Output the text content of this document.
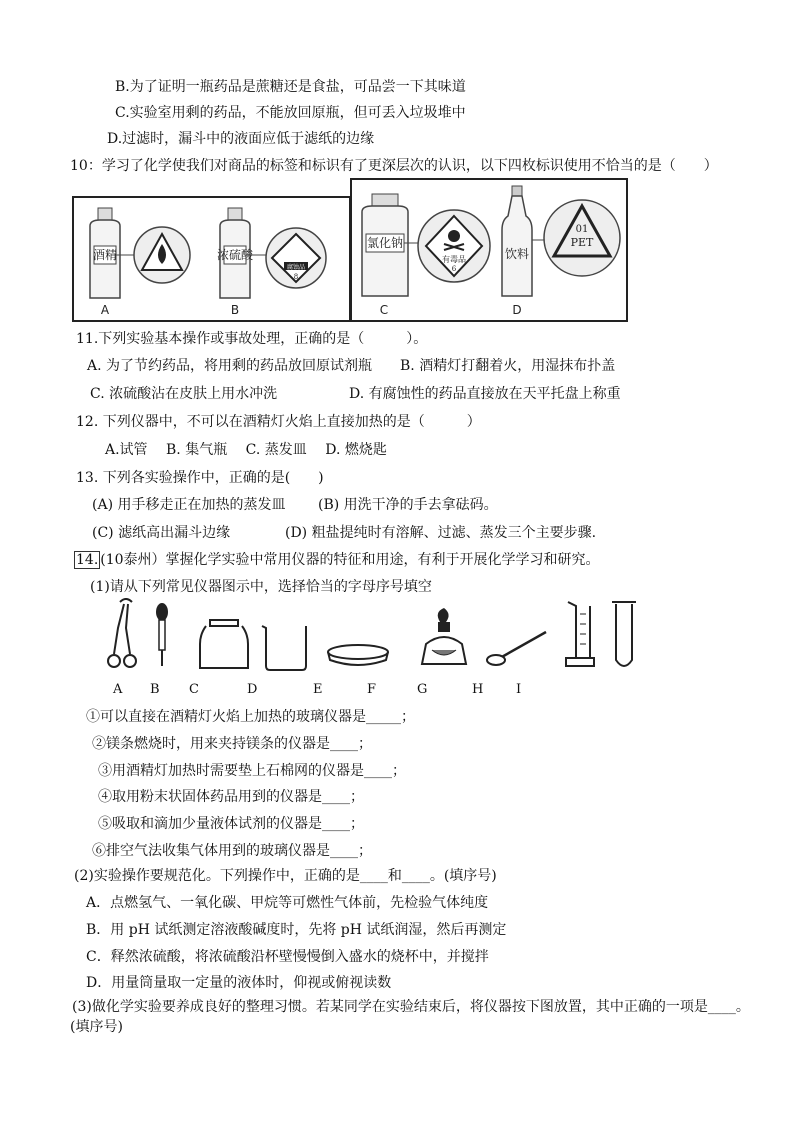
B.为了证明一瓶药品是蔗糖还是食盐，可品尝一下其味道
C.实验室用剩的药品，不能放回原瓶，但可丢入垃圾堆中
D.过滤时，漏斗中的液面应低于滤纸的边缘
10：学习了化学使我们对商品的标签和标识有了更深层次的认识，以下四枚标识使用不恰当的是（　　）
酒精	浓硫酸
腐蚀品
8
A	B
氯化钠
有毒品
6
饮料
01
PET
C	D
11.下列实验基本操作或事故处理，正确的是（　　　）。
A. 为了节约药品，将用剩的药品放回原试剂瓶 B. 酒精灯打翻着火，用湿抹布扑盖
C. 浓硫酸沾在皮肤上用水冲洗	D. 有腐蚀性的药品直接放在天平托盘上称重
12. 下列仪器中，不可以在酒精灯火焰上直接加热的是（　　　）
A.试管　 B. 集气瓶　 C. 蒸发皿　 D. 燃烧匙
13. 下列各实验操作中，正确的是(　　)
(A) 用手移走正在加热的蒸发皿 (B) 用洗干净的手去拿砝码。
(C) 滤纸高出漏斗边缘	(D) 粗盐提纯时有溶解、过滤、蒸发三个主要步骤.
14. (10泰州）掌握化学实验中常用仪器的特征和用途，有利于开展化学学习和研究。
(1)请从下列常见仪器图示中，选择恰当的字母序号填空
A B C	D	E	F	G	H	I
①可以直接在酒精灯火焰上加热的玻璃仪器是_____；
②镁条燃烧时，用来夹持镁条的仪器是____；
③用酒精灯加热时需要垫上石棉网的仪器是____；
④取用粉末状固体药品用到的仪器是____；
⑤吸取和滴加少量液体试剂的仪器是____；
⑥排空气法收集气体用到的玻璃仪器是____；
(2)实验操作要规范化。下列操作中，正确的是____和____。(填序号)
A．点燃氢气、一氧化碳、甲烷等可燃性气体前，先检验气体纯度
B．用 pH 试纸测定溶液酸碱度时，先将 pH 试纸润湿，然后再测定
C．释然浓硫酸，将浓硫酸沿杯壁慢慢倒入盛水的烧杯中，并搅拌
D．用量筒量取一定量的液体时，仰视或俯视读数
(3)做化学实验要养成良好的整理习惯。若某同学在实验结束后，将仪器按下图放置，其中正确的一项是____。
(填序号)
